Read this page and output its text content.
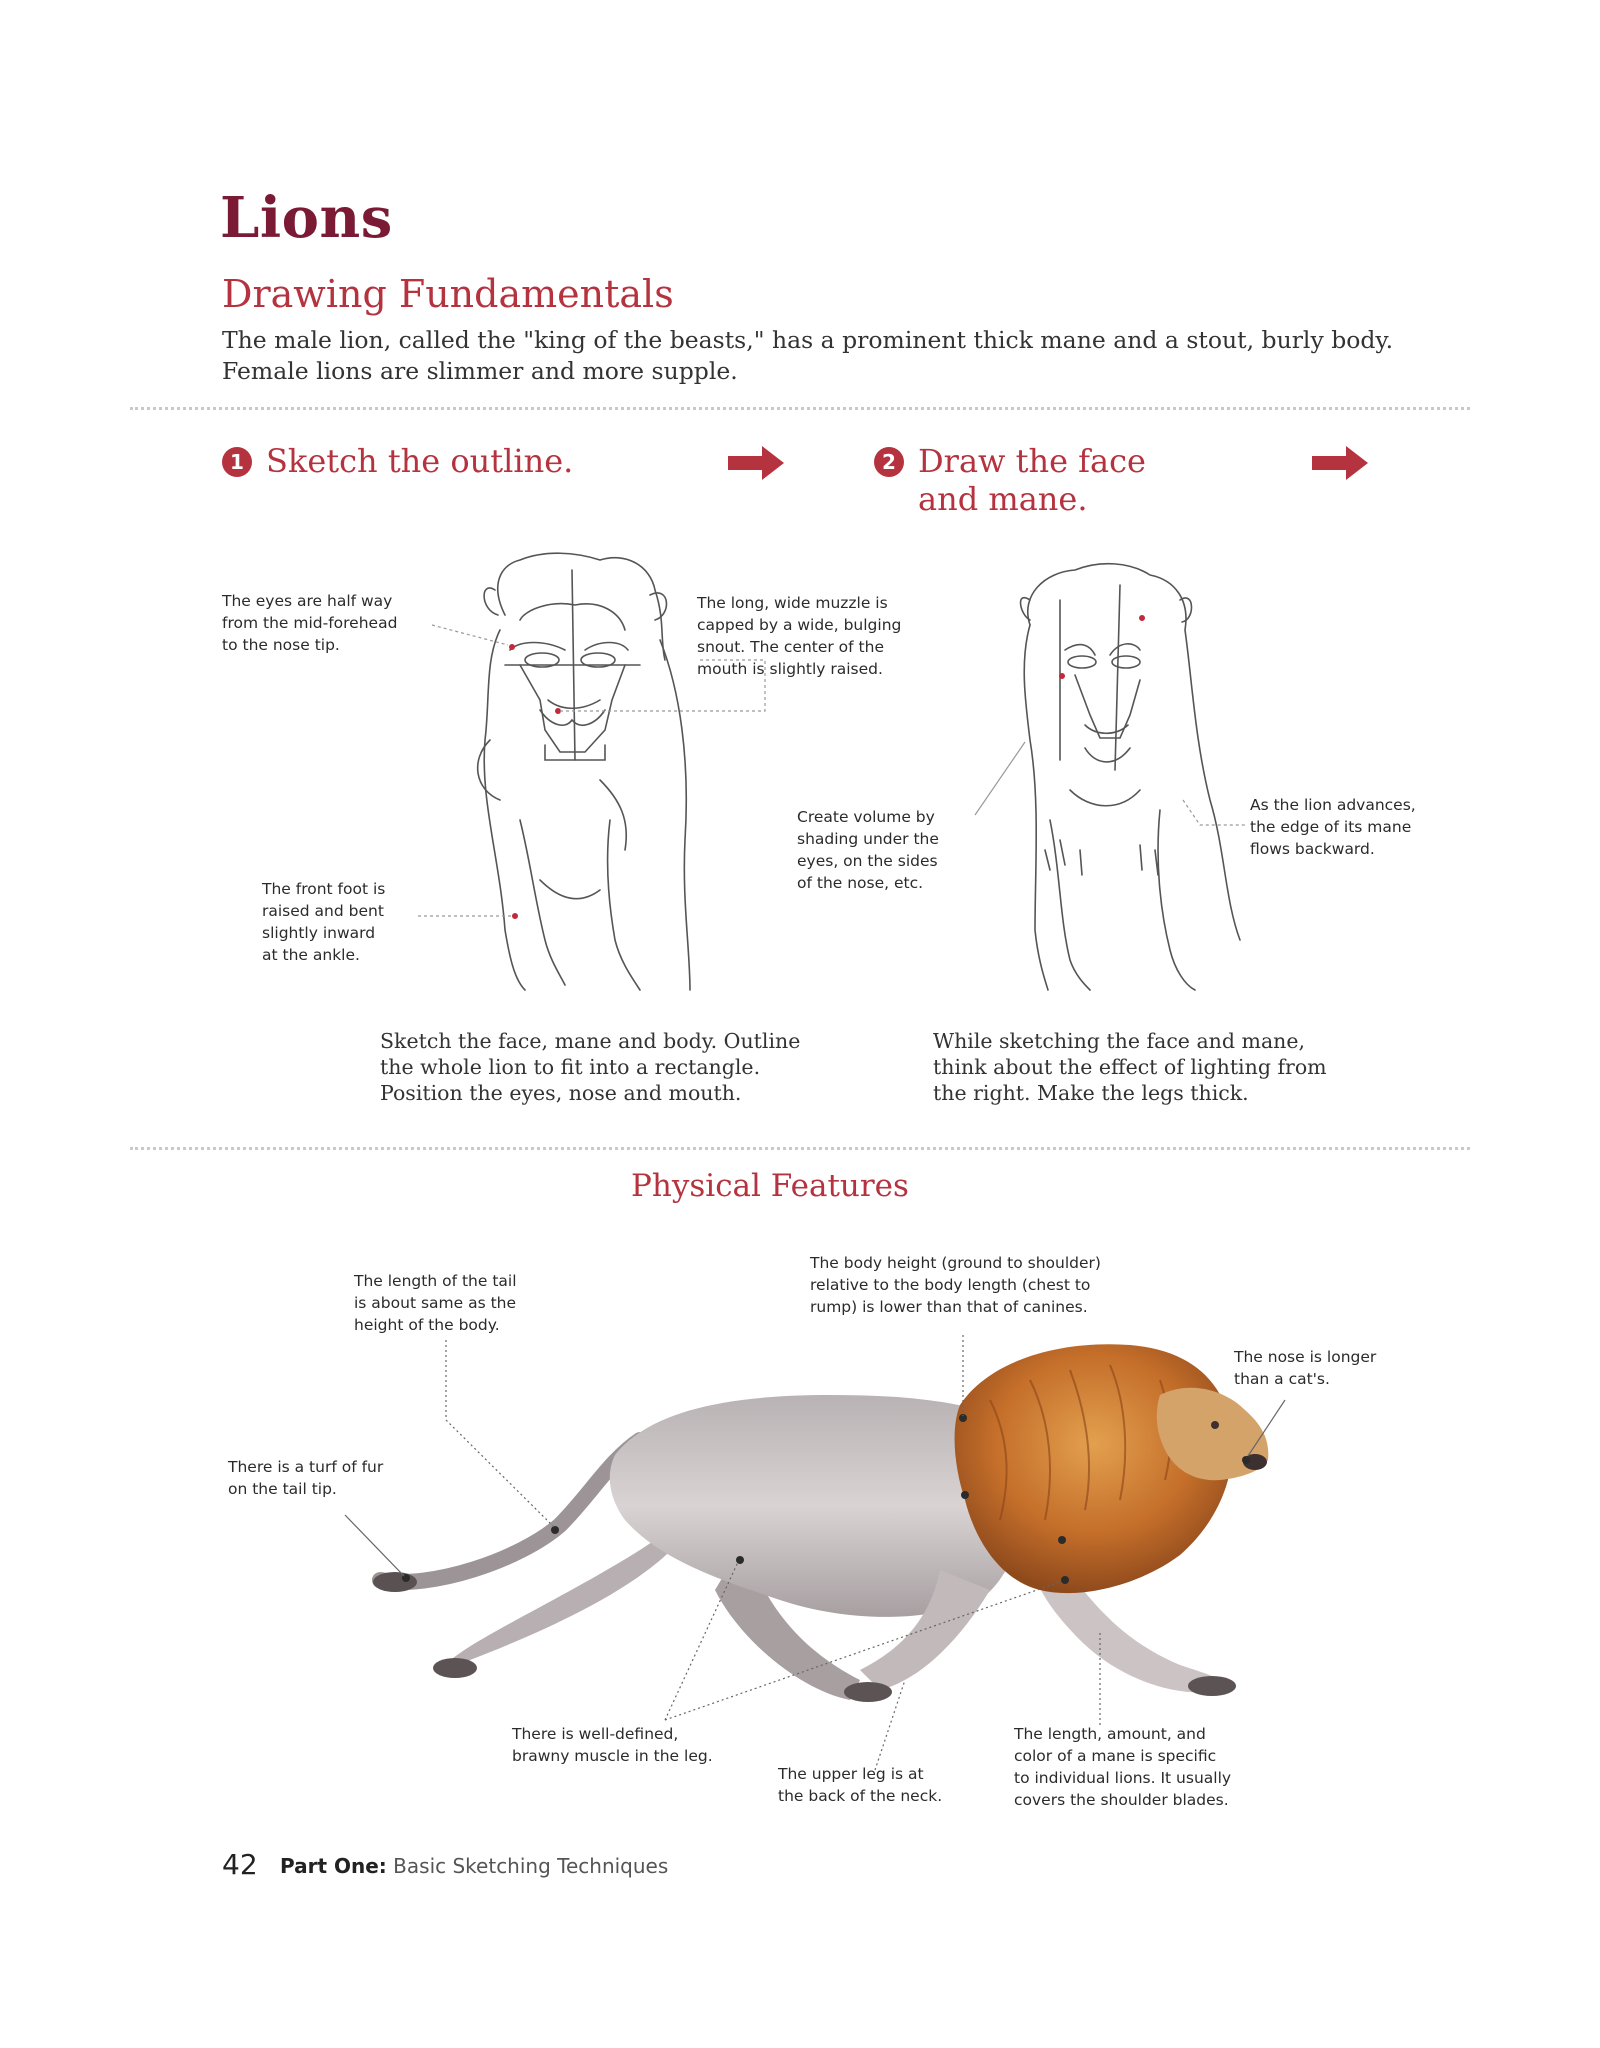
Lions
Drawing Fundamentals
The male lion, called the "king of the beasts," has a prominent thick mane and a stout, burly body.
Female lions are slimmer and more supple.
1 Sketch the outline.	2 Draw the face
and mane.
The eyes are half way
from the mid-forehead
to the nose tip.
The long, wide muzzle is
capped by a wide, bulging
snout. The center of the
mouth is slightly raised.
The front foot is
raised and bent
slightly inward
at the ankle.
Create volume by
shading under the
eyes, on the sides
of the nose, etc.
As the lion advances,
the edge of its mane
flows backward.
Sketch the face, mane and body. Outline
the whole lion to fit into a rectangle.
Position the eyes, nose and mouth.
While sketching the face and mane,
think about the effect of lighting from
the right. Make the legs thick.
Physical Features
The length of the tail
is about same as the
height of the body.
The body height (ground to shoulder)
relative to the body length (chest to
rump) is lower than that of canines.
The nose is longer
than a cat's.
There is a turf of fur
on the tail tip.
There is well-defined,
brawny muscle in the leg.
The upper leg is at
the back of the neck.
The length, amount, and
color of a mane is specific
to individual lions. It usually
covers the shoulder blades.
42 Part One: Basic Sketching Techniques
